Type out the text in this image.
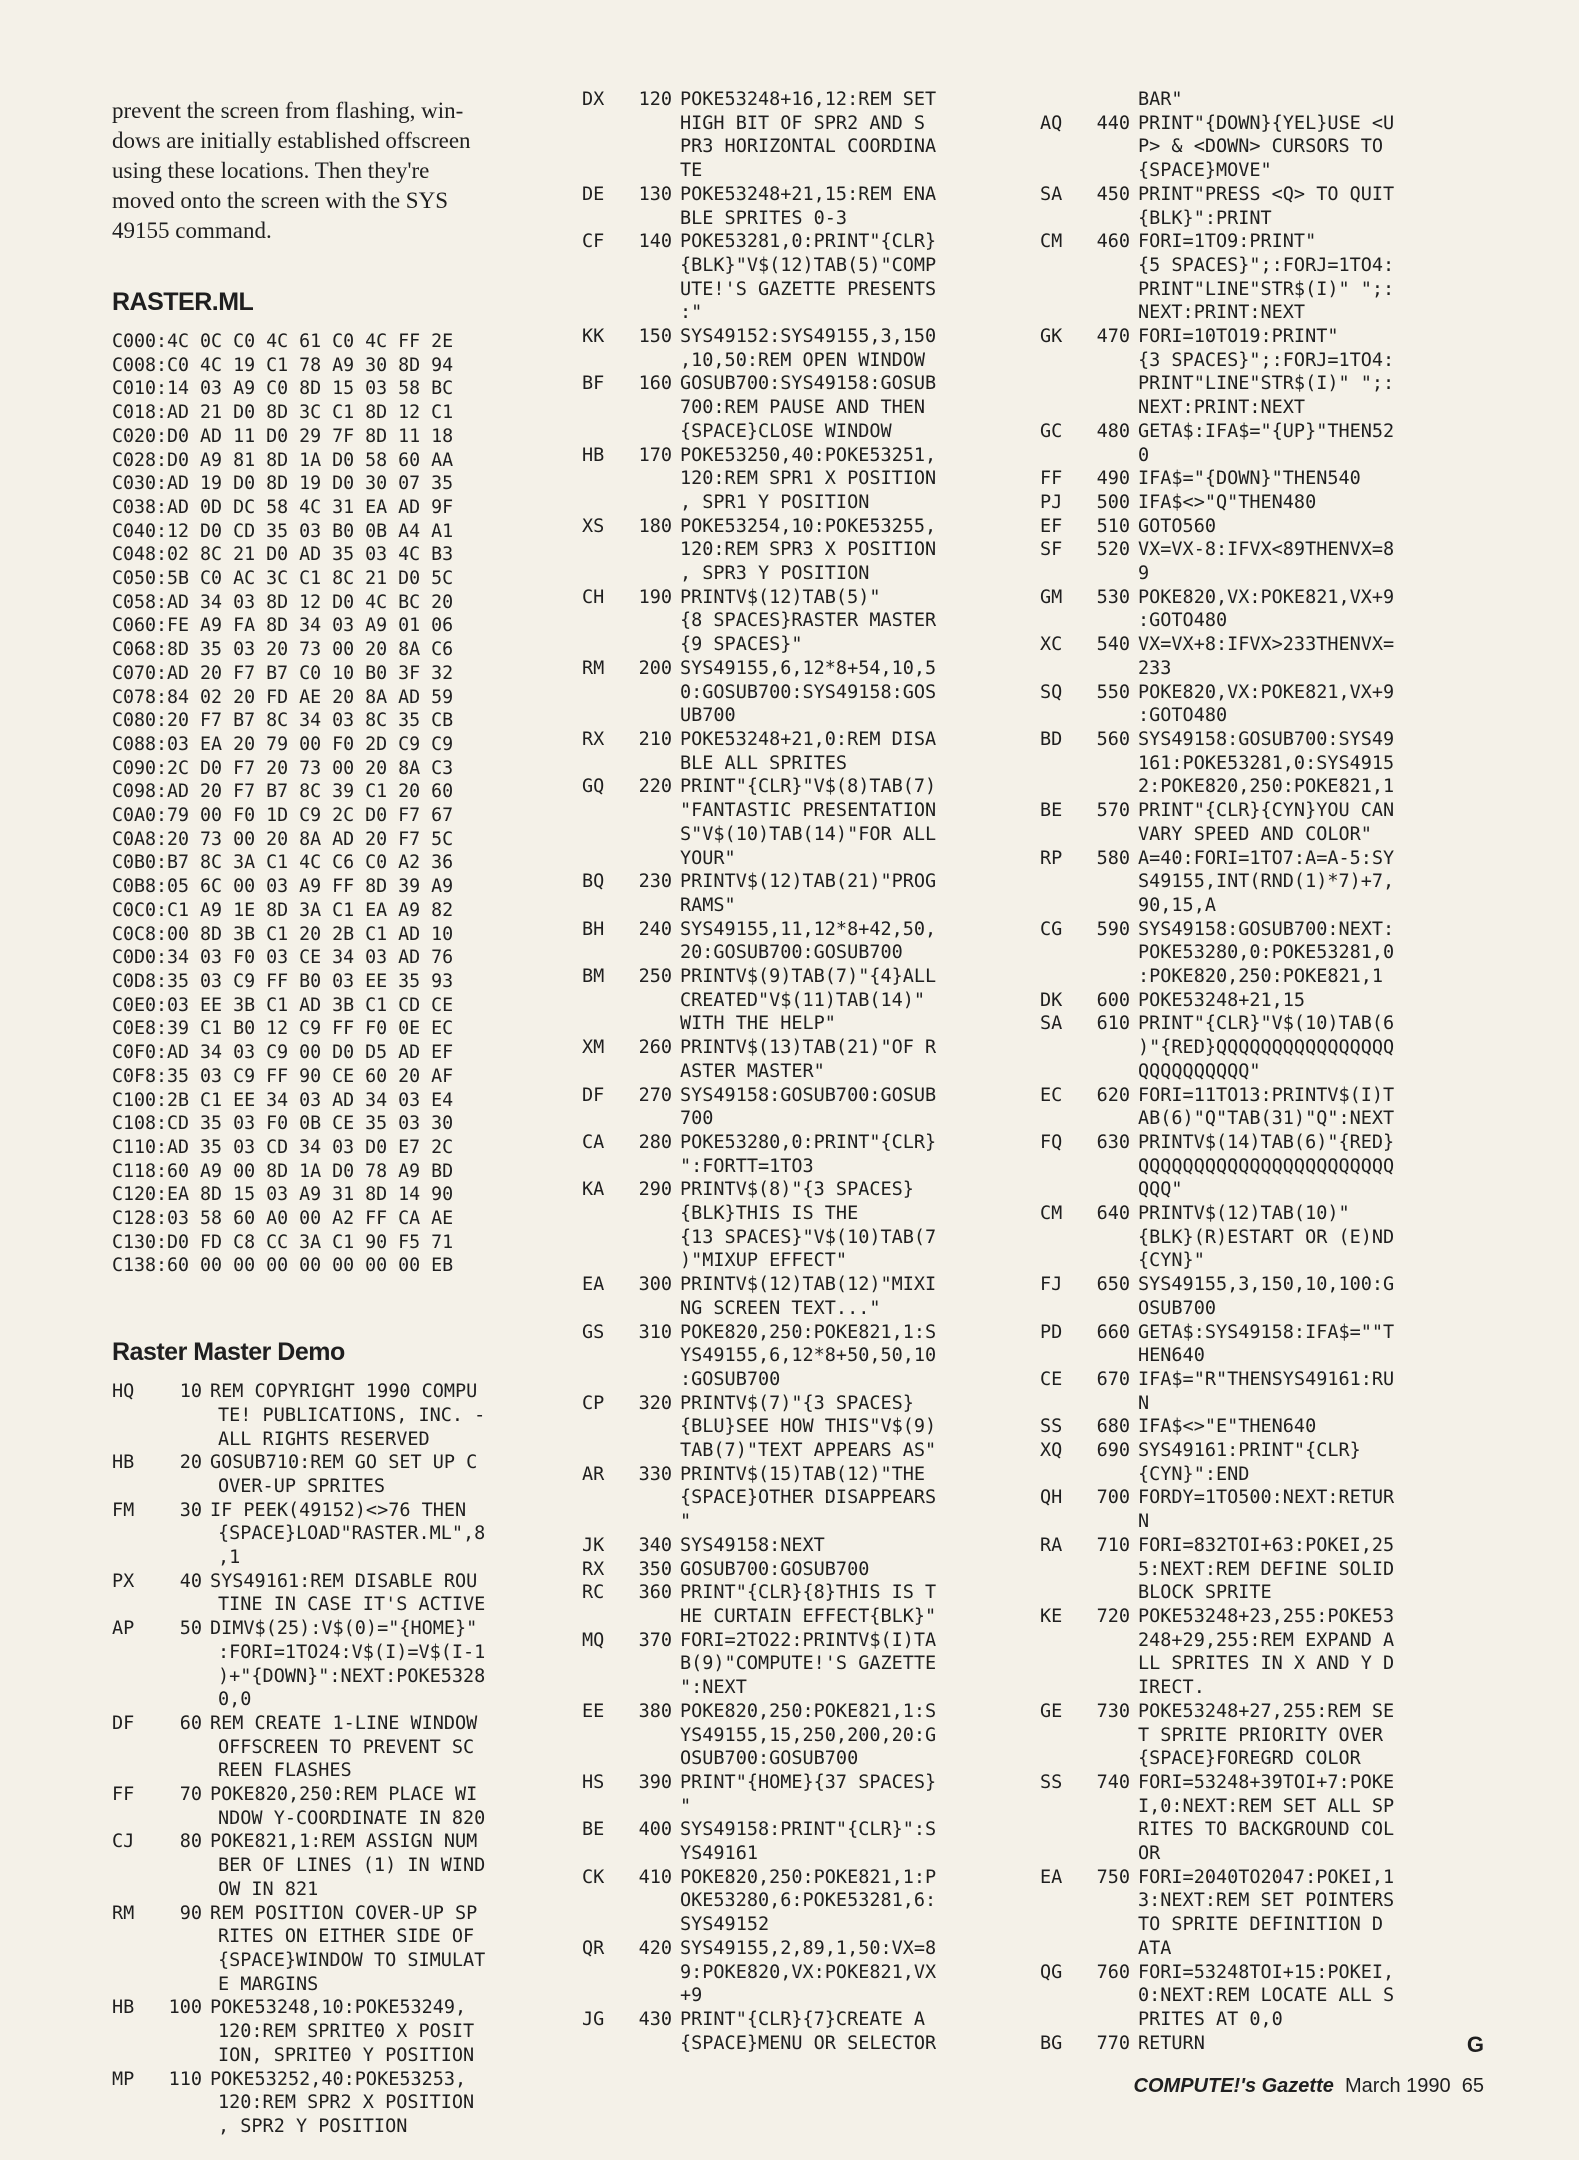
prevent the screen from flashing, win-
dows are initially established offscreen
using these locations. Then they're
moved onto the screen with the SYS
49155 command.
RASTER.ML
C000:4C 0C C0 4C 61 C0 4C FF 2E
C008:C0 4C 19 C1 78 A9 30 8D 94
C010:14 03 A9 C0 8D 15 03 58 BC
C018:AD 21 D0 8D 3C C1 8D 12 C1
C020:D0 AD 11 D0 29 7F 8D 11 18
C028:D0 A9 81 8D 1A D0 58 60 AA
C030:AD 19 D0 8D 19 D0 30 07 35
C038:AD 0D DC 58 4C 31 EA AD 9F
C040:12 D0 CD 35 03 B0 0B A4 A1
C048:02 8C 21 D0 AD 35 03 4C B3
C050:5B C0 AC 3C C1 8C 21 D0 5C
C058:AD 34 03 8D 12 D0 4C BC 20
C060:FE A9 FA 8D 34 03 A9 01 06
C068:8D 35 03 20 73 00 20 8A C6
C070:AD 20 F7 B7 C0 10 B0 3F 32
C078:84 02 20 FD AE 20 8A AD 59
C080:20 F7 B7 8C 34 03 8C 35 CB
C088:03 EA 20 79 00 F0 2D C9 C9
C090:2C D0 F7 20 73 00 20 8A C3
C098:AD 20 F7 B7 8C 39 C1 20 60
C0A0:79 00 F0 1D C9 2C D0 F7 67
C0A8:20 73 00 20 8A AD 20 F7 5C
C0B0:B7 8C 3A C1 4C C6 C0 A2 36
C0B8:05 6C 00 03 A9 FF 8D 39 A9
C0C0:C1 A9 1E 8D 3A C1 EA A9 82
C0C8:00 8D 3B C1 20 2B C1 AD 10
C0D0:34 03 F0 03 CE 34 03 AD 76
C0D8:35 03 C9 FF B0 03 EE 35 93
C0E0:03 EE 3B C1 AD 3B C1 CD CE
C0E8:39 C1 B0 12 C9 FF F0 0E EC
C0F0:AD 34 03 C9 00 D0 D5 AD EF
C0F8:35 03 C9 FF 90 CE 60 20 AF
C100:2B C1 EE 34 03 AD 34 03 E4
C108:CD 35 03 F0 0B CE 35 03 30
C110:AD 35 03 CD 34 03 D0 E7 2C
C118:60 A9 00 8D 1A D0 78 A9 BD
C120:EA 8D 15 03 A9 31 8D 14 90
C128:03 58 60 A0 00 A2 FF CA AE
C130:D0 FD C8 CC 3A C1 90 F5 71
C138:60 00 00 00 00 00 00 00 EB
Raster Master Demo
HQ	10 REM COPYRIGHT 1990 COMPU
TE! PUBLICATIONS, INC. -
ALL RIGHTS RESERVED
HB	20 GOSUB710:REM GO SET UP C
OVER-UP SPRITES
FM	30 IF PEEK(49152)<>76 THEN
{SPACE}LOAD"RASTER.ML",8
,1
PX	40 SYS49161:REM DISABLE ROU
TINE IN CASE IT'S ACTIVE
AP	50 DIMV$(25):V$(0)="{HOME}"
:FORI=1TO24:V$(I)=V$(I-1
)+"{DOWN}":NEXT:POKE5328
0,0
DF	60 REM CREATE 1-LINE WINDOW
OFFSCREEN TO PREVENT SC
REEN FLASHES
FF	70 POKE820,250:REM PLACE WI
NDOW Y-COORDINATE IN 820
CJ	80 POKE821,1:REM ASSIGN NUM
BER OF LINES (1) IN WIND
OW IN 821
RM	90 REM POSITION COVER-UP SP
RITES ON EITHER SIDE OF
{SPACE}WINDOW TO SIMULAT
E MARGINS
HB	100 POKE53248,10:POKE53249,
120:REM SPRITE0 X POSIT
ION, SPRITE0 Y POSITION
MP	110 POKE53252,40:POKE53253,
120:REM SPR2 X POSITION
, SPR2 Y POSITION
DX	120 POKE53248+16,12:REM SET
HIGH BIT OF SPR2 AND S
PR3 HORIZONTAL COORDINA
TE
DE	130 POKE53248+21,15:REM ENA
BLE SPRITES 0-3
CF	140 POKE53281,0:PRINT"{CLR}
{BLK}"V$(12)TAB(5)"COMP
UTE!'S GAZETTE PRESENTS
:"
KK	150 SYS49152:SYS49155,3,150
,10,50:REM OPEN WINDOW
BF	160 GOSUB700:SYS49158:GOSUB
700:REM PAUSE AND THEN
{SPACE}CLOSE WINDOW
HB	170 POKE53250,40:POKE53251,
120:REM SPR1 X POSITION
, SPR1 Y POSITION
XS	180 POKE53254,10:POKE53255,
120:REM SPR3 X POSITION
, SPR3 Y POSITION
CH	190 PRINTV$(12)TAB(5)"
{8 SPACES}RASTER MASTER
{9 SPACES}"
RM	200 SYS49155,6,12*8+54,10,5
0:GOSUB700:SYS49158:GOS
UB700
RX	210 POKE53248+21,0:REM DISA
BLE ALL SPRITES
GQ	220 PRINT"{CLR}"V$(8)TAB(7)
"FANTASTIC PRESENTATION
S"V$(10)TAB(14)"FOR ALL
YOUR"
BQ	230 PRINTV$(12)TAB(21)"PROG
RAMS"
BH	240 SYS49155,11,12*8+42,50,
20:GOSUB700:GOSUB700
BM	250 PRINTV$(9)TAB(7)"{4}ALL
CREATED"V$(11)TAB(14)"
WITH THE HELP"
XM	260 PRINTV$(13)TAB(21)"OF R
ASTER MASTER"
DF	270 SYS49158:GOSUB700:GOSUB
700
CA	280 POKE53280,0:PRINT"{CLR}
":FORTT=1TO3
KA	290 PRINTV$(8)"{3 SPACES}
{BLK}THIS IS THE
{13 SPACES}"V$(10)TAB(7
)"MIXUP EFFECT"
EA	300 PRINTV$(12)TAB(12)"MIXI
NG SCREEN TEXT..."
GS	310 POKE820,250:POKE821,1:S
YS49155,6,12*8+50,50,10
:GOSUB700
CP	320 PRINTV$(7)"{3 SPACES}
{BLU}SEE HOW THIS"V$(9)
TAB(7)"TEXT APPEARS AS"
AR	330 PRINTV$(15)TAB(12)"THE
{SPACE}OTHER DISAPPEARS
"
JK	340 SYS49158:NEXT
RX	350 GOSUB700:GOSUB700
RC	360 PRINT"{CLR}{8}THIS IS T
HE CURTAIN EFFECT{BLK}"
MQ	370 FORI=2TO22:PRINTV$(I)TA
B(9)"COMPUTE!'S GAZETTE
":NEXT
EE	380 POKE820,250:POKE821,1:S
YS49155,15,250,200,20:G
OSUB700:GOSUB700
HS	390 PRINT"{HOME}{37 SPACES}
"
BE	400 SYS49158:PRINT"{CLR}":S
YS49161
CK	410 POKE820,250:POKE821,1:P
OKE53280,6:POKE53281,6:
SYS49152
QR	420 SYS49155,2,89,1,50:VX=8
9:POKE820,VX:POKE821,VX
+9
JG	430 PRINT"{CLR}{7}CREATE A
{SPACE}MENU OR SELECTOR
BAR"
AQ	440 PRINT"{DOWN}{YEL}USE <U
P> & <DOWN> CURSORS TO
{SPACE}MOVE"
SA	450 PRINT"PRESS <Q> TO QUIT
{BLK}":PRINT
CM	460 FORI=1TO9:PRINT"
{5 SPACES}";:FORJ=1TO4:
PRINT"LINE"STR$(I)" ";:
NEXT:PRINT:NEXT
GK	470 FORI=10TO19:PRINT"
{3 SPACES}";:FORJ=1TO4:
PRINT"LINE"STR$(I)" ";:
NEXT:PRINT:NEXT
GC	480 GETA$:IFA$="{UP}"THEN52
0
FF	490 IFA$="{DOWN}"THEN540
PJ	500 IFA$<>"Q"THEN480
EF	510 GOTO560
SF	520 VX=VX-8:IFVX<89THENVX=8
9
GM	530 POKE820,VX:POKE821,VX+9
:GOTO480
XC	540 VX=VX+8:IFVX>233THENVX=
233
SQ	550 POKE820,VX:POKE821,VX+9
:GOTO480
BD	560 SYS49158:GOSUB700:SYS49
161:POKE53281,0:SYS4915
2:POKE820,250:POKE821,1
BE	570 PRINT"{CLR}{CYN}YOU CAN
VARY SPEED AND COLOR"
RP	580 A=40:FORI=1TO7:A=A-5:SY
S49155,INT(RND(1)*7)+7,
90,15,A
CG	590 SYS49158:GOSUB700:NEXT:
POKE53280,0:POKE53281,0
:POKE820,250:POKE821,1
DK	600 POKE53248+21,15
SA	610 PRINT"{CLR}"V$(10)TAB(6
)"{RED}QQQQQQQQQQQQQQQQ
QQQQQQQQQQ"
EC	620 FORI=11TO13:PRINTV$(I)T
AB(6)"Q"TAB(31)"Q":NEXT
FQ	630 PRINTV$(14)TAB(6)"{RED}
QQQQQQQQQQQQQQQQQQQQQQQ
QQQ"
CM	640 PRINTV$(12)TAB(10)"
{BLK}(R)ESTART OR (E)ND
{CYN}"
FJ	650 SYS49155,3,150,10,100:G
OSUB700
PD	660 GETA$:SYS49158:IFA$=""T
HEN640
CE	670 IFA$="R"THENSYS49161:RU
N
SS	680 IFA$<>"E"THEN640
XQ	690 SYS49161:PRINT"{CLR}
{CYN}":END
QH	700 FORDY=1TO500:NEXT:RETUR
N
RA	710 FORI=832TOI+63:POKEI,25
5:NEXT:REM DEFINE SOLID
BLOCK SPRITE
KE	720 POKE53248+23,255:POKE53
248+29,255:REM EXPAND A
LL SPRITES IN X AND Y D
IRECT.
GE	730 POKE53248+27,255:REM SE
T SPRITE PRIORITY OVER
{SPACE}FOREGRD COLOR
SS	740 FORI=53248+39TOI+7:POKE
I,0:NEXT:REM SET ALL SP
RITES TO BACKGROUND COL
OR
EA	750 FORI=2040TO2047:POKEI,1
3:NEXT:REM SET POINTERS
TO SPRITE DEFINITION D
ATA
QG	760 FORI=53248TOI+15:POKEI,
0:NEXT:REM LOCATE ALL S
PRITES AT 0,0
BG	770 RETURN	G
COMPUTE!'s Gazette March 1990 65
